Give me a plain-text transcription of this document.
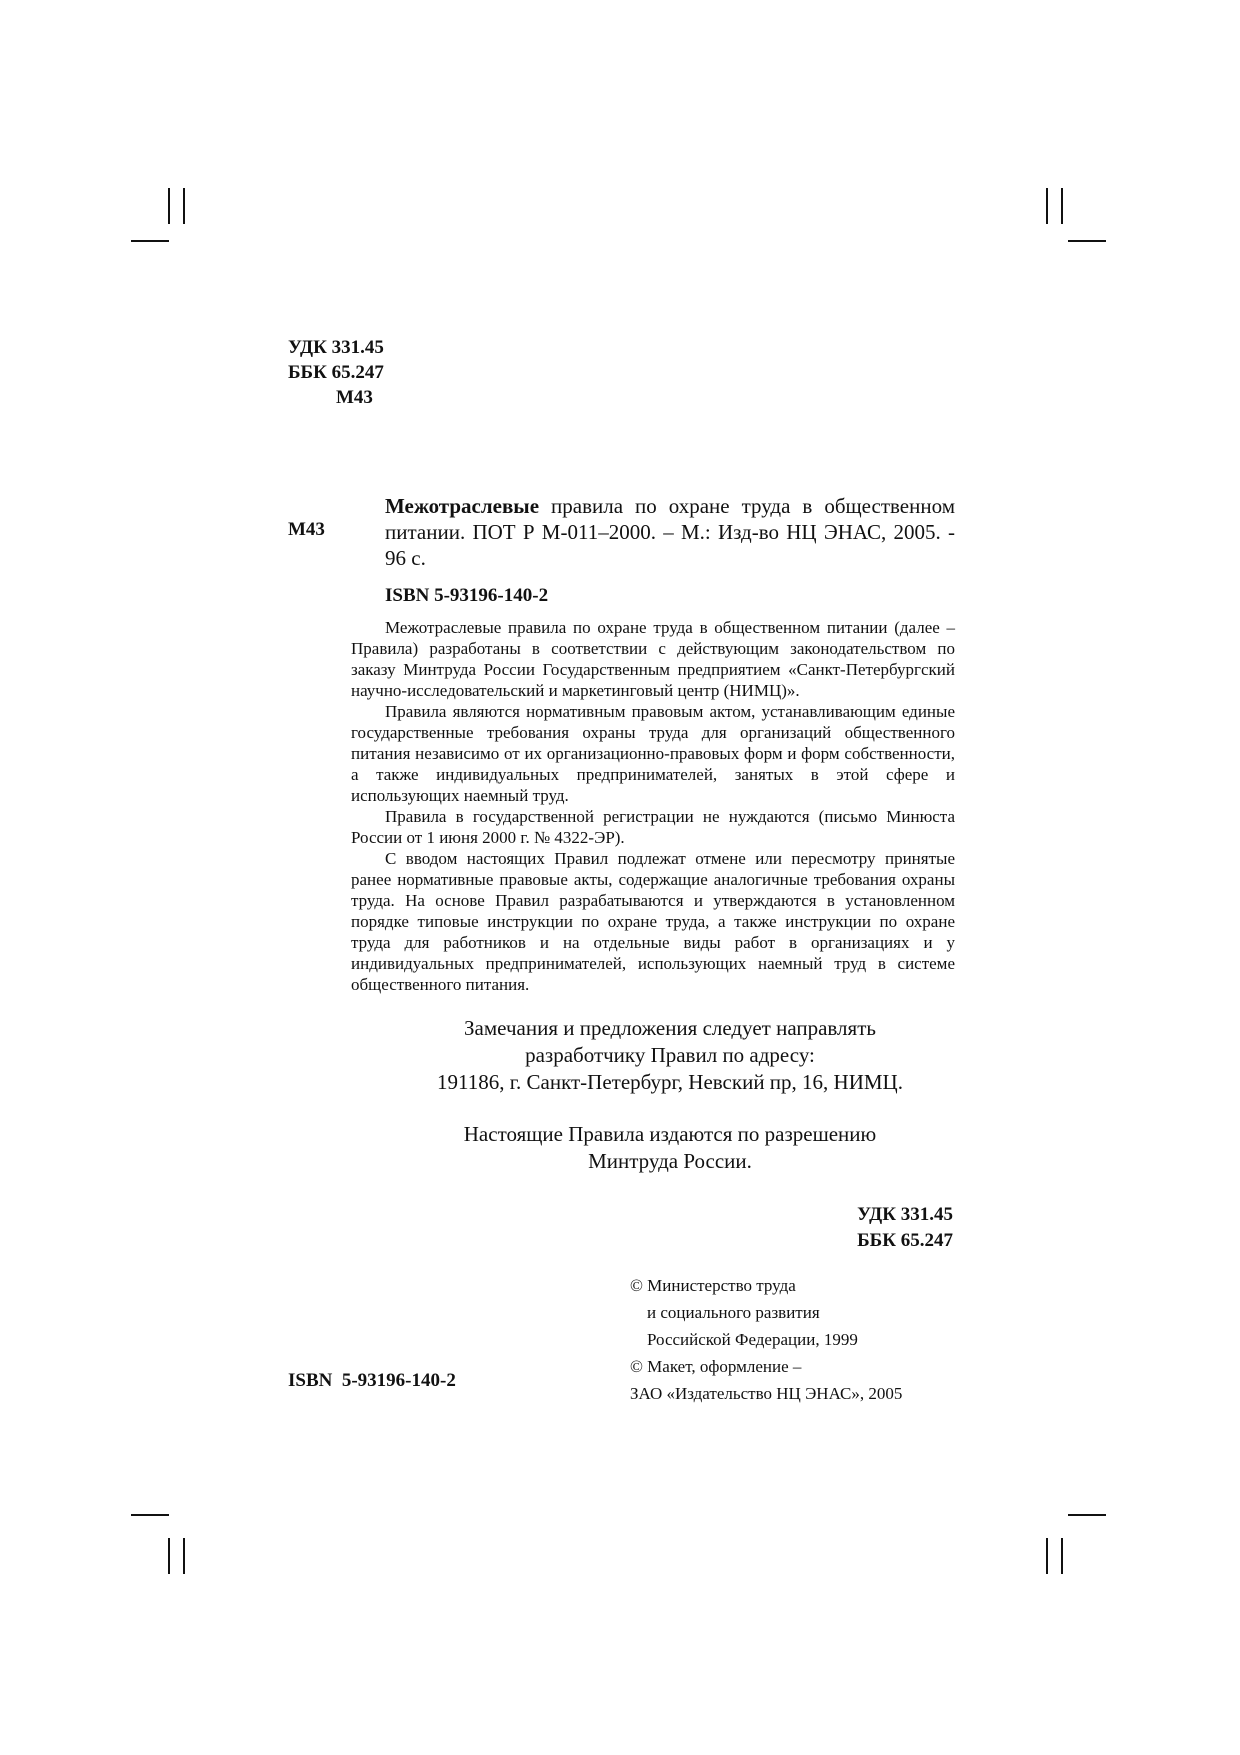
УДК 331.45
ББК 65.247
М43
М43
Межотраслевые правила по охране труда в общественном питании. ПОТ Р М-011–2000. – М.: Изд-во НЦ ЭНАС, 2005. - 96 с.
ISBN 5-93196-140-2

Межотраслевые правила по охране труда в общественном питании (далее – Правила) разработаны в соответствии с действующим законодательством по заказу Минтруда России Государственным предприятием «Санкт-Петербургский научно-исследовательский и маркетинговый центр (НИМЦ)».

Правила являются нормативным правовым актом, устанавливающим единые государственные требования охраны труда для организаций общественного питания независимо от их организационно-правовых форм и форм собственности, а также индивидуальных предпринимателей, занятых в этой сфере и использующих наемный труд.

Правила в государственной регистрации не нуждаются (письмо Минюста России от 1 июня 2000 г. № 4322-ЭР).

С вводом настоящих Правил подлежат отмене или пересмотру принятые ранее нормативные правовые акты, содержащие аналогичные требования охраны труда. На основе Правил разрабатываются и утверждаются в установленном порядке типовые инструкции по охране труда, а также инструкции по охране труда для работников и на отдельные виды работ в организациях и у индивидуальных предпринимателей, использующих наемный труд в системе общественного питания.

Замечания и предложения следует направлять

разработчику Правил по адресу:

191186, г. Санкт-Петербург, Невский пр, 16, НИМЦ.

Настоящие Правила издаются по разрешению

Минтруда России.

УДК 331.45
ББК 65.247
© Министерство труда
и социального развития
Российской Федерации, 1999
© Макет, оформление –
ЗАО «Издательство НЦ ЭНАС», 2005
ISBN  5-93196-140-2
